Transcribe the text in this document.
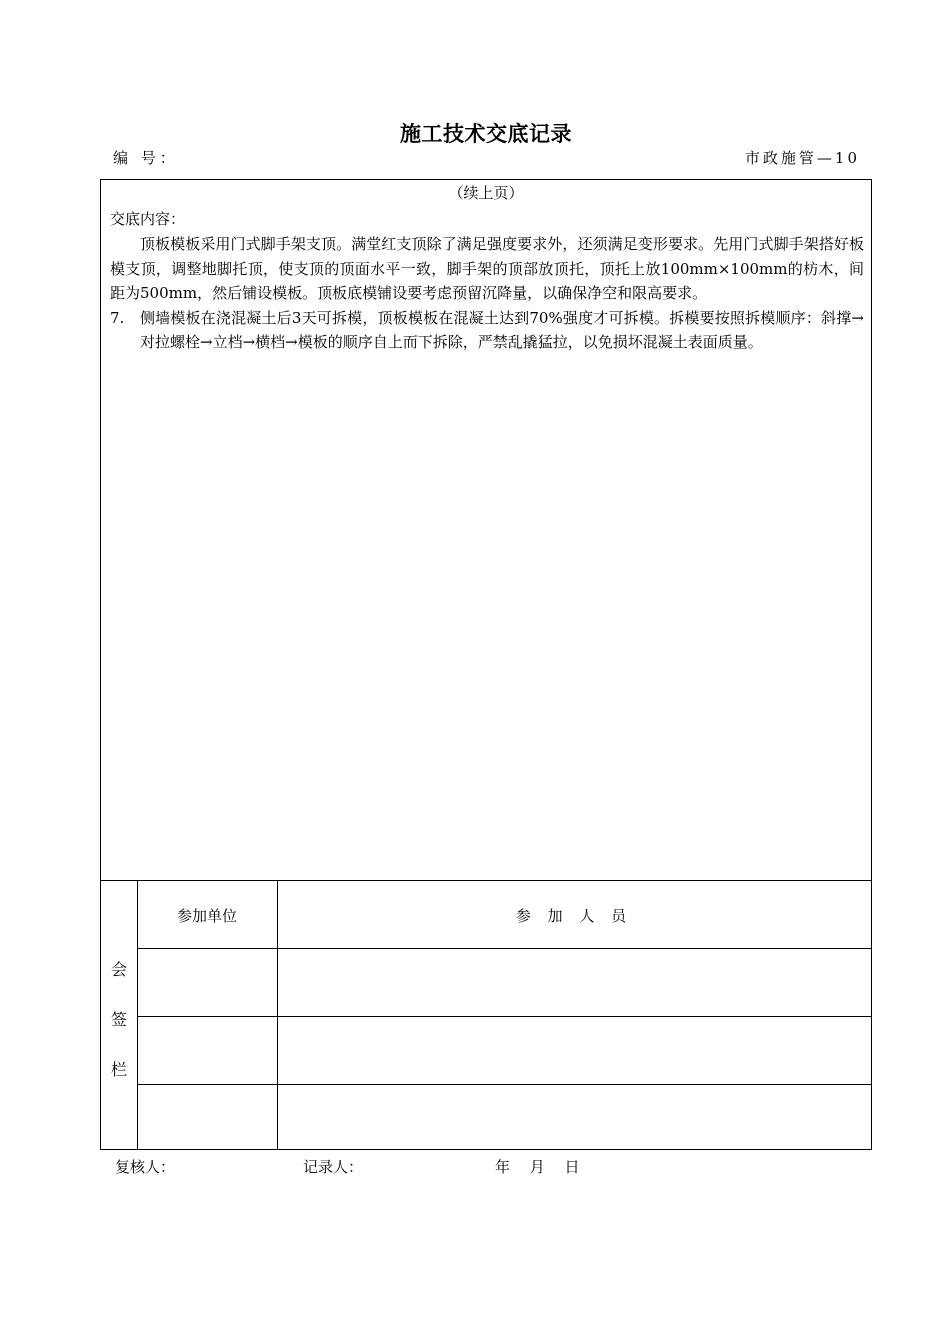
施工技术交底记录
编 号：	市政施管—10
（续上页）
交底内容：

顶板模板采用门式脚手架支顶。满堂红支顶除了满足强度要求外，还须满足变形要求。先用门式脚手架搭好板模支顶，调整地脚托顶，使支顶的顶面水平一致，脚手架的顶部放顶托，顶托上放100mm×100mm的枋木，间距为500mm，然后铺设模板。顶板底模铺设要考虑预留沉降量，以确保净空和限高要求。

7. 侧墙模板在浇混凝土后3天可拆模，顶板模板在混凝土达到70%强度才可拆模。拆模要按照拆模顺序：斜撑→对拉螺栓→立档→横档→模板的顺序自上而下拆除，严禁乱撬猛拉，以免损坏混凝土表面质量。

会
签
栏
参加单位	参 加 人 员
复核人：	记录人：	年　 月　 日
